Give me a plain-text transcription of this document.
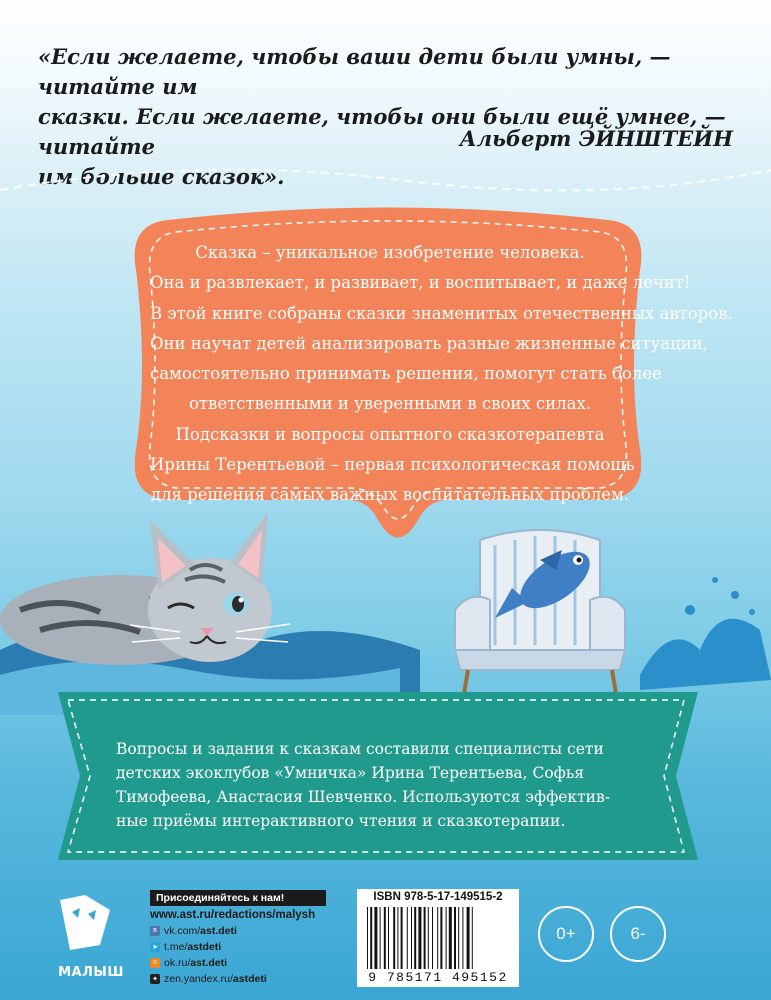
«Если желаете, чтобы ваши дети были умны, — читайте им
сказки. Если желаете, чтобы они были ещё умнее, — читайте
им больше сказок».
Альберт ЭЙНШТЕЙН
Сказка – уникальное изобретение человека.
Она и развлекает, и развивает, и воспитывает, и даже лечит!
В этой книге собраны сказки знаменитых отечественных авторов.
Они научат детей анализировать разные жизненные ситуации,
самостоятельно принимать решения, помогут стать более
ответственными и уверенными в своих силах.
Подсказки и вопросы опытного сказкотерапевта
Ирины Терентьевой – первая психологическая помощь
для решения самых важных воспитательных проблем.
Вопросы и задания к сказкам составили специалисты сети
детских экоклубов «Умничка» Ирина Терентьева, Софья
Тимофеева, Анастасия Шевченко. Используются эффектив-
ные приёмы интерактивного чтения и сказкотерапии.
МАЛЫШ
Присоединяйтесь к нам!
www.ast.ru/redactions/malysh
в vk.com/ ast.deti
➤ t.me/ astdeti
о ok.ru/ ast.deti
✦ zen.yandex.ru/ astdeti
ISBN 978-5-17-149515-2
9 785171 495152
0+	6-
